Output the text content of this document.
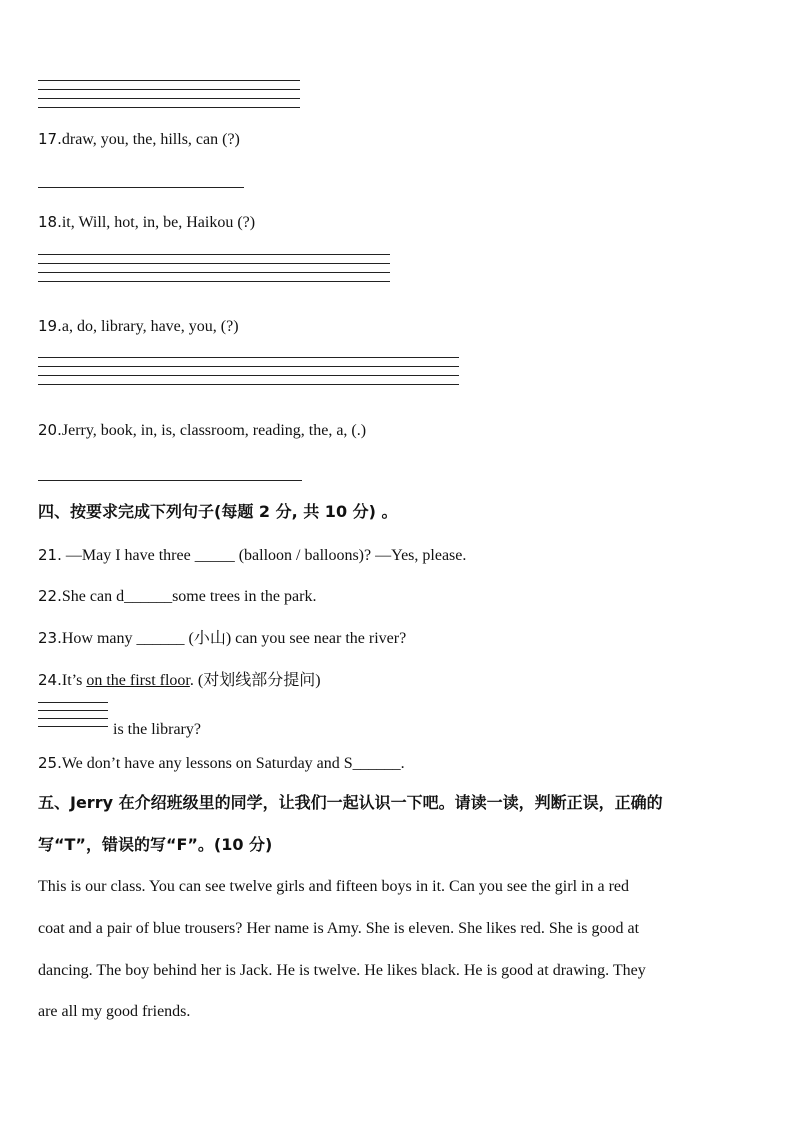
17.draw, you, the, hills, can (?)
18.it, Will, hot, in, be, Haikou (?)
19.a, do, library, have, you, (?)
20.Jerry, book, in, is, classroom, reading, the, a, (.)
四、按要求完成下列句子(每题 2 分, 共 10 分) 。
21. —May I have three _____ (balloon / balloons)? —Yes, please.
22.She can d______some trees in the park.
23.How many ______ (小山) can you see near the river?
24.It’s on the first floor. (对划线部分提问)
is the library?
25.We don’t have any lessons on Saturday and S______.
五、Jerry 在介绍班级里的同学，让我们一起认识一下吧。请读一读，判断正误，正确的
写“T”，错误的写“F”。(10 分)
This is our class. You can see twelve girls and fifteen boys in it. Can you see the girl in a red
coat and a pair of blue trousers? Her name is Amy. She is eleven. She likes red. She is good at
dancing. The boy behind her is Jack. He is twelve. He likes black. He is good at drawing. They
are all my good friends.
